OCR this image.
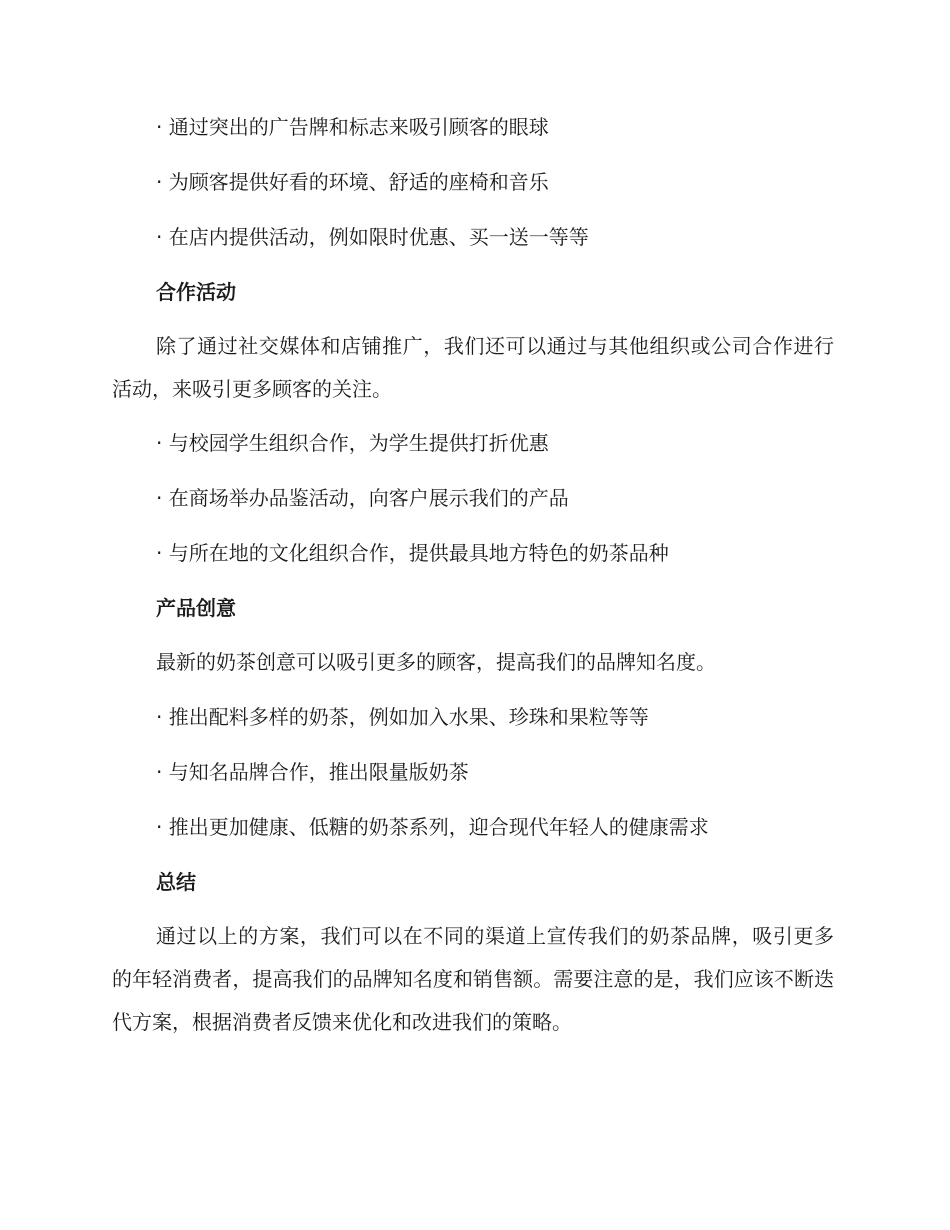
· 通过突出的广告牌和标志来吸引顾客的眼球
· 为顾客提供好看的环境、舒适的座椅和音乐
· 在店内提供活动，例如限时优惠、买一送一等等
合作活动
除了通过社交媒体和店铺推广，我们还可以通过与其他组织或公司合作进行活动，来吸引更多顾客的关注。
· 与校园学生组织合作，为学生提供打折优惠
· 在商场举办品鉴活动，向客户展示我们的产品
· 与所在地的文化组织合作，提供最具地方特色的奶茶品种
产品创意
最新的奶茶创意可以吸引更多的顾客，提高我们的品牌知名度。
· 推出配料多样的奶茶，例如加入水果、珍珠和果粒等等
· 与知名品牌合作，推出限量版奶茶
· 推出更加健康、低糖的奶茶系列，迎合现代年轻人的健康需求
总结
通过以上的方案，我们可以在不同的渠道上宣传我们的奶茶品牌，吸引更多的年轻消费者，提高我们的品牌知名度和销售额。需要注意的是，我们应该不断迭代方案，根据消费者反馈来优化和改进我们的策略。
